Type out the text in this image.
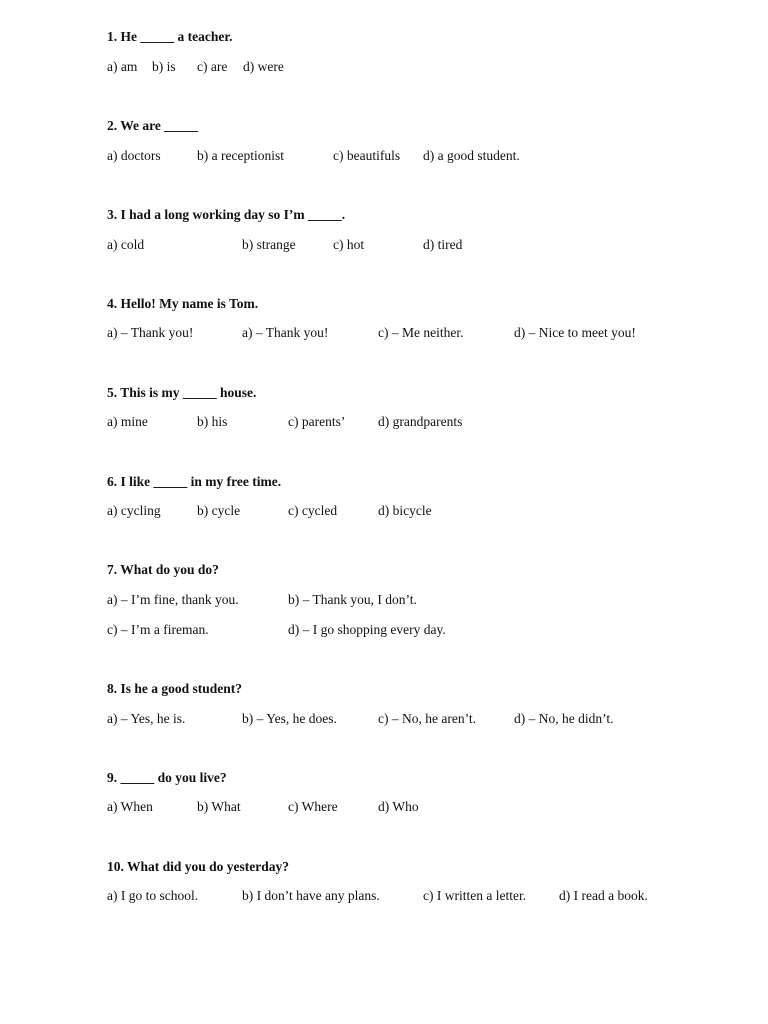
1. He _____ a teacher.
a) am b) is c) are d) were
2. We are _____
a) doctors	b) a receptionist	c) beautifuls d) a good student.
3. I had a long working day so I’m _____.
a) cold	b) strange	c) hot	d) tired
4. Hello! My name is Tom.
a) – Thank you!	a) – Thank you!	c) – Me neither.	d) – Nice to meet you!
5. This is my _____ house.
a) mine	b) his	c) parents’ d) grandparents
6. I like _____ in my free time.
a) cycling	b) cycle	c) cycled	d) bicycle
7. What do you do?
a) – I’m fine, thank you.	b) – Thank you, I don’t.
c) – I’m a fireman.	d) – I go shopping every day.
8. Is he a good student?
a) – Yes, he is.	b) – Yes, he does.	c) – No, he aren’t.	d) – No, he didn’t.
9. _____ do you live?
a) When	b) What	c) Where	d) Who
10. What did you do yesterday?
a) I go to school.	b) I don’t have any plans.	c) I written a letter. d) I read a book.
